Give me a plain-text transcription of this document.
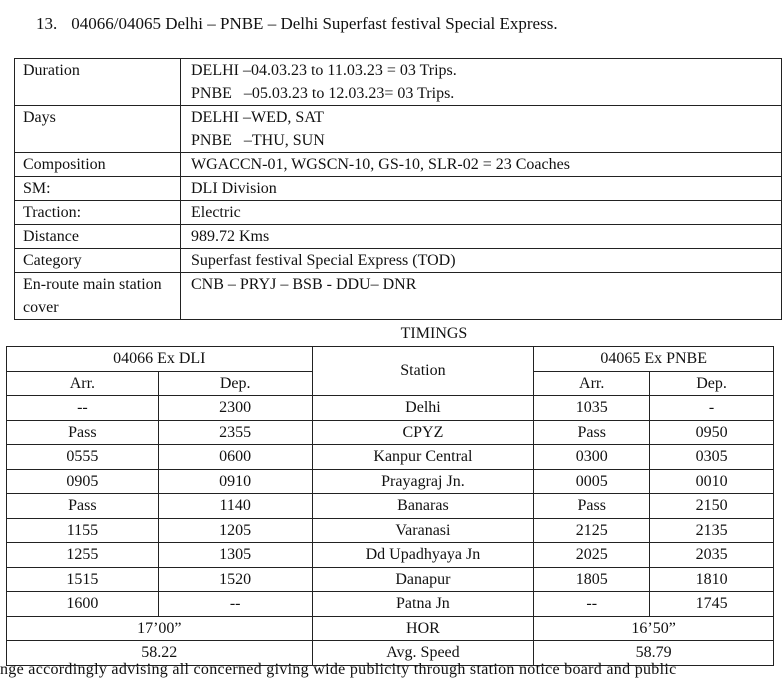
13. 04066/04065 Delhi – PNBE – Delhi Superfast festival Special Express.
Duration	DELHI –04.03.23 to 11.03.23 = 03 Trips.
PNBE   –05.03.23 to 12.03.23= 03 Trips.

Days	DELHI –WED, SAT
PNBE   –THU, SUN

Composition	WGACCN-01, WGSCN-10, GS-10, SLR-02 = 23 Coaches

SM:	DLI Division

Traction:	Electric

Distance	989.72 Kms

Category	Superfast festival Special Express (TOD)

En-route main station cover	CNB – PRYJ – BSB - DDU– DNR
TIMINGS
04066 Ex DLI		Station	04065 Ex PNBE	
Arr.	Dep.		Arr.	Dep.
--	2300	Delhi	1035	-
Pass	2355	CPYZ	Pass	0950
0555	0600	Kanpur Central	0300	0305
0905	0910	Prayagraj Jn.	0005	0010
Pass	1140	Banaras	Pass	2150
1155	1205	Varanasi	2125	2135
1255	1305	Dd Upadhyaya Jn	2025	2035
1515	1520	Danapur	1805	1810
1600	--	Patna Jn	--	1745
17’00”		HOR	16’50”	
58.22		Avg. Speed	58.79	
nge accordingly advising all concerned giving wide publicity through station notice board and public
